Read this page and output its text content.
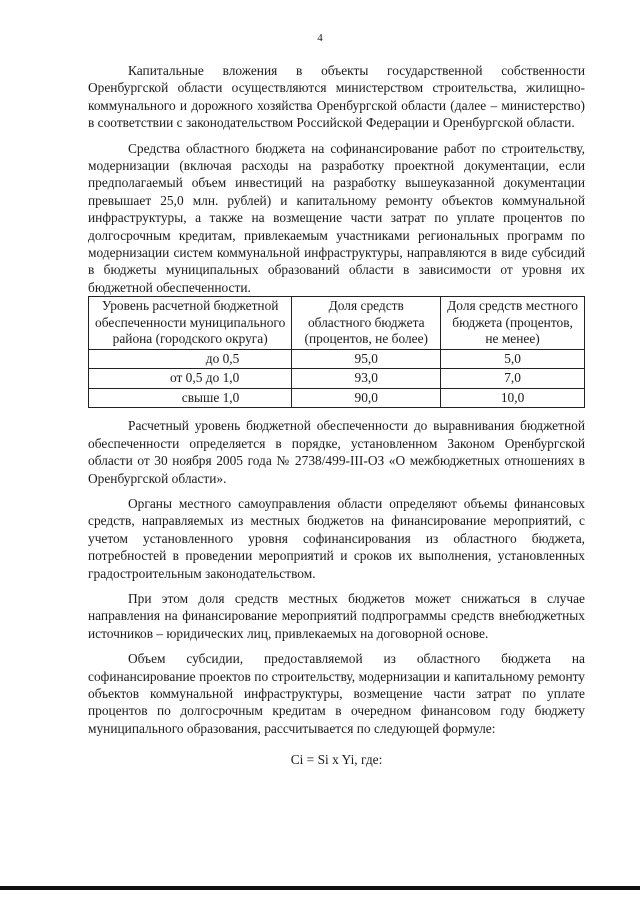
4

Капитальные вложения в объекты государственной собственности Оренбургской области осуществляются министерством строительства, жилищно-коммунального и дорожного хозяйства Оренбургской области (далее – министерство) в соответствии с законодательством Российской Федерации и Оренбургской области.

Средства областного бюджета на софинансирование работ по строительству, модернизации (включая расходы на разработку проектной документации, если предполагаемый объем инвестиций на разработку вышеуказанной документации превышает 25,0 млн. рублей) и капитальному ремонту объектов коммунальной инфраструктуры, а также на возмещение части затрат по уплате процентов по долгосрочным кредитам, привлекаемым участниками региональных программ по модернизации систем коммунальной инфраструктуры, направляются в виде субсидий в бюджеты муниципальных образований области в зависимости от уровня их бюджетной обеспеченности.

Уровень расчетной бюджетной обеспеченности муниципального района (городского округа)	Доля средств областного бюджета (процентов, не более)	Доля средств местного бюджета (процентов, не менее)
до 0,5	95,0	5,0
от 0,5 до 1,0	93,0	7,0
свыше 1,0	90,0	10,0

Расчетный уровень бюджетной обеспеченности до выравнивания бюджетной обеспеченности определяется в порядке, установленном Законом Оренбургской области от 30 ноября 2005 года № 2738/499-III-ОЗ «О межбюджетных отношениях в Оренбургской области».

Органы местного самоуправления области определяют объемы финансовых средств, направляемых из местных бюджетов на финансирование мероприятий, с учетом установленного уровня софинансирования из областного бюджета, потребностей в проведении мероприятий и сроков их выполнения, установленных градостроительным законодательством.

При этом доля средств местных бюджетов может снижаться в случае направления на финансирование мероприятий подпрограммы средств внебюджетных источников – юридических лиц, привлекаемых на договорной основе.

Объем субсидии, предоставляемой из областного бюджета на софинансирование проектов по строительству, модернизации и капитальному ремонту объектов коммунальной инфраструктуры, возмещение части затрат по уплате процентов по долгосрочным кредитам в очередном финансовом году бюджету муниципального образования, рассчитывается по следующей формуле:

Ci = Si x Yi, где:
